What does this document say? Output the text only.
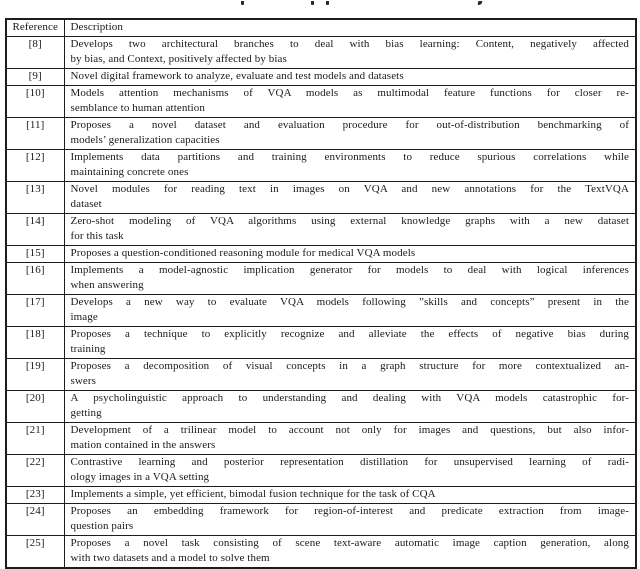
Reference	Description
[8]	Develops two architectural branches to deal with bias learning: Content, negatively affected
by bias, and Context, positively affected by bias

[9]	Novel digital framework to analyze, evaluate and test models and datasets

[10]	Models attention mechanisms of VQA models as multimodal feature functions for closer re-
semblance to human attention

[11]	Proposes a novel dataset and evaluation procedure for out-of-distribution benchmarking of
models’ generalization capacities

[12]	Implements data partitions and training environments to reduce spurious correlations while
maintaining concrete ones

[13]	Novel modules for reading text in images on VQA and new annotations for the TextVQA
dataset

[14]	Zero-shot modeling of VQA algorithms using external knowledge graphs with a new dataset
for this task

[15]	Proposes a question-conditioned reasoning module for medical VQA models

[16]	Implements a model-agnostic implication generator for models to deal with logical inferences
when answering

[17]	Develops a new way to evaluate VQA models following ”skills and concepts” present in the
image

[18]	Proposes a technique to explicitly recognize and alleviate the effects of negative bias during
training

[19]	Proposes a decomposition of visual concepts in a graph structure for more contextualized an-
swers

[20]	A psycholinguistic approach to understanding and dealing with VQA models catastrophic for-
getting

[21]	Development of a trilinear model to account not only for images and questions, but also infor-
mation contained in the answers

[22]	Contrastive learning and posterior representation distillation for unsupervised learning of radi-
ology images in a VQA setting

[23]	Implements a simple, yet efficient, bimodal fusion technique for the task of CQA

[24]	Proposes an embedding framework for region-of-interest and predicate extraction from image-
question pairs

[25]	Proposes a novel task consisting of scene text-aware automatic image caption generation, along
with two datasets and a model to solve them
